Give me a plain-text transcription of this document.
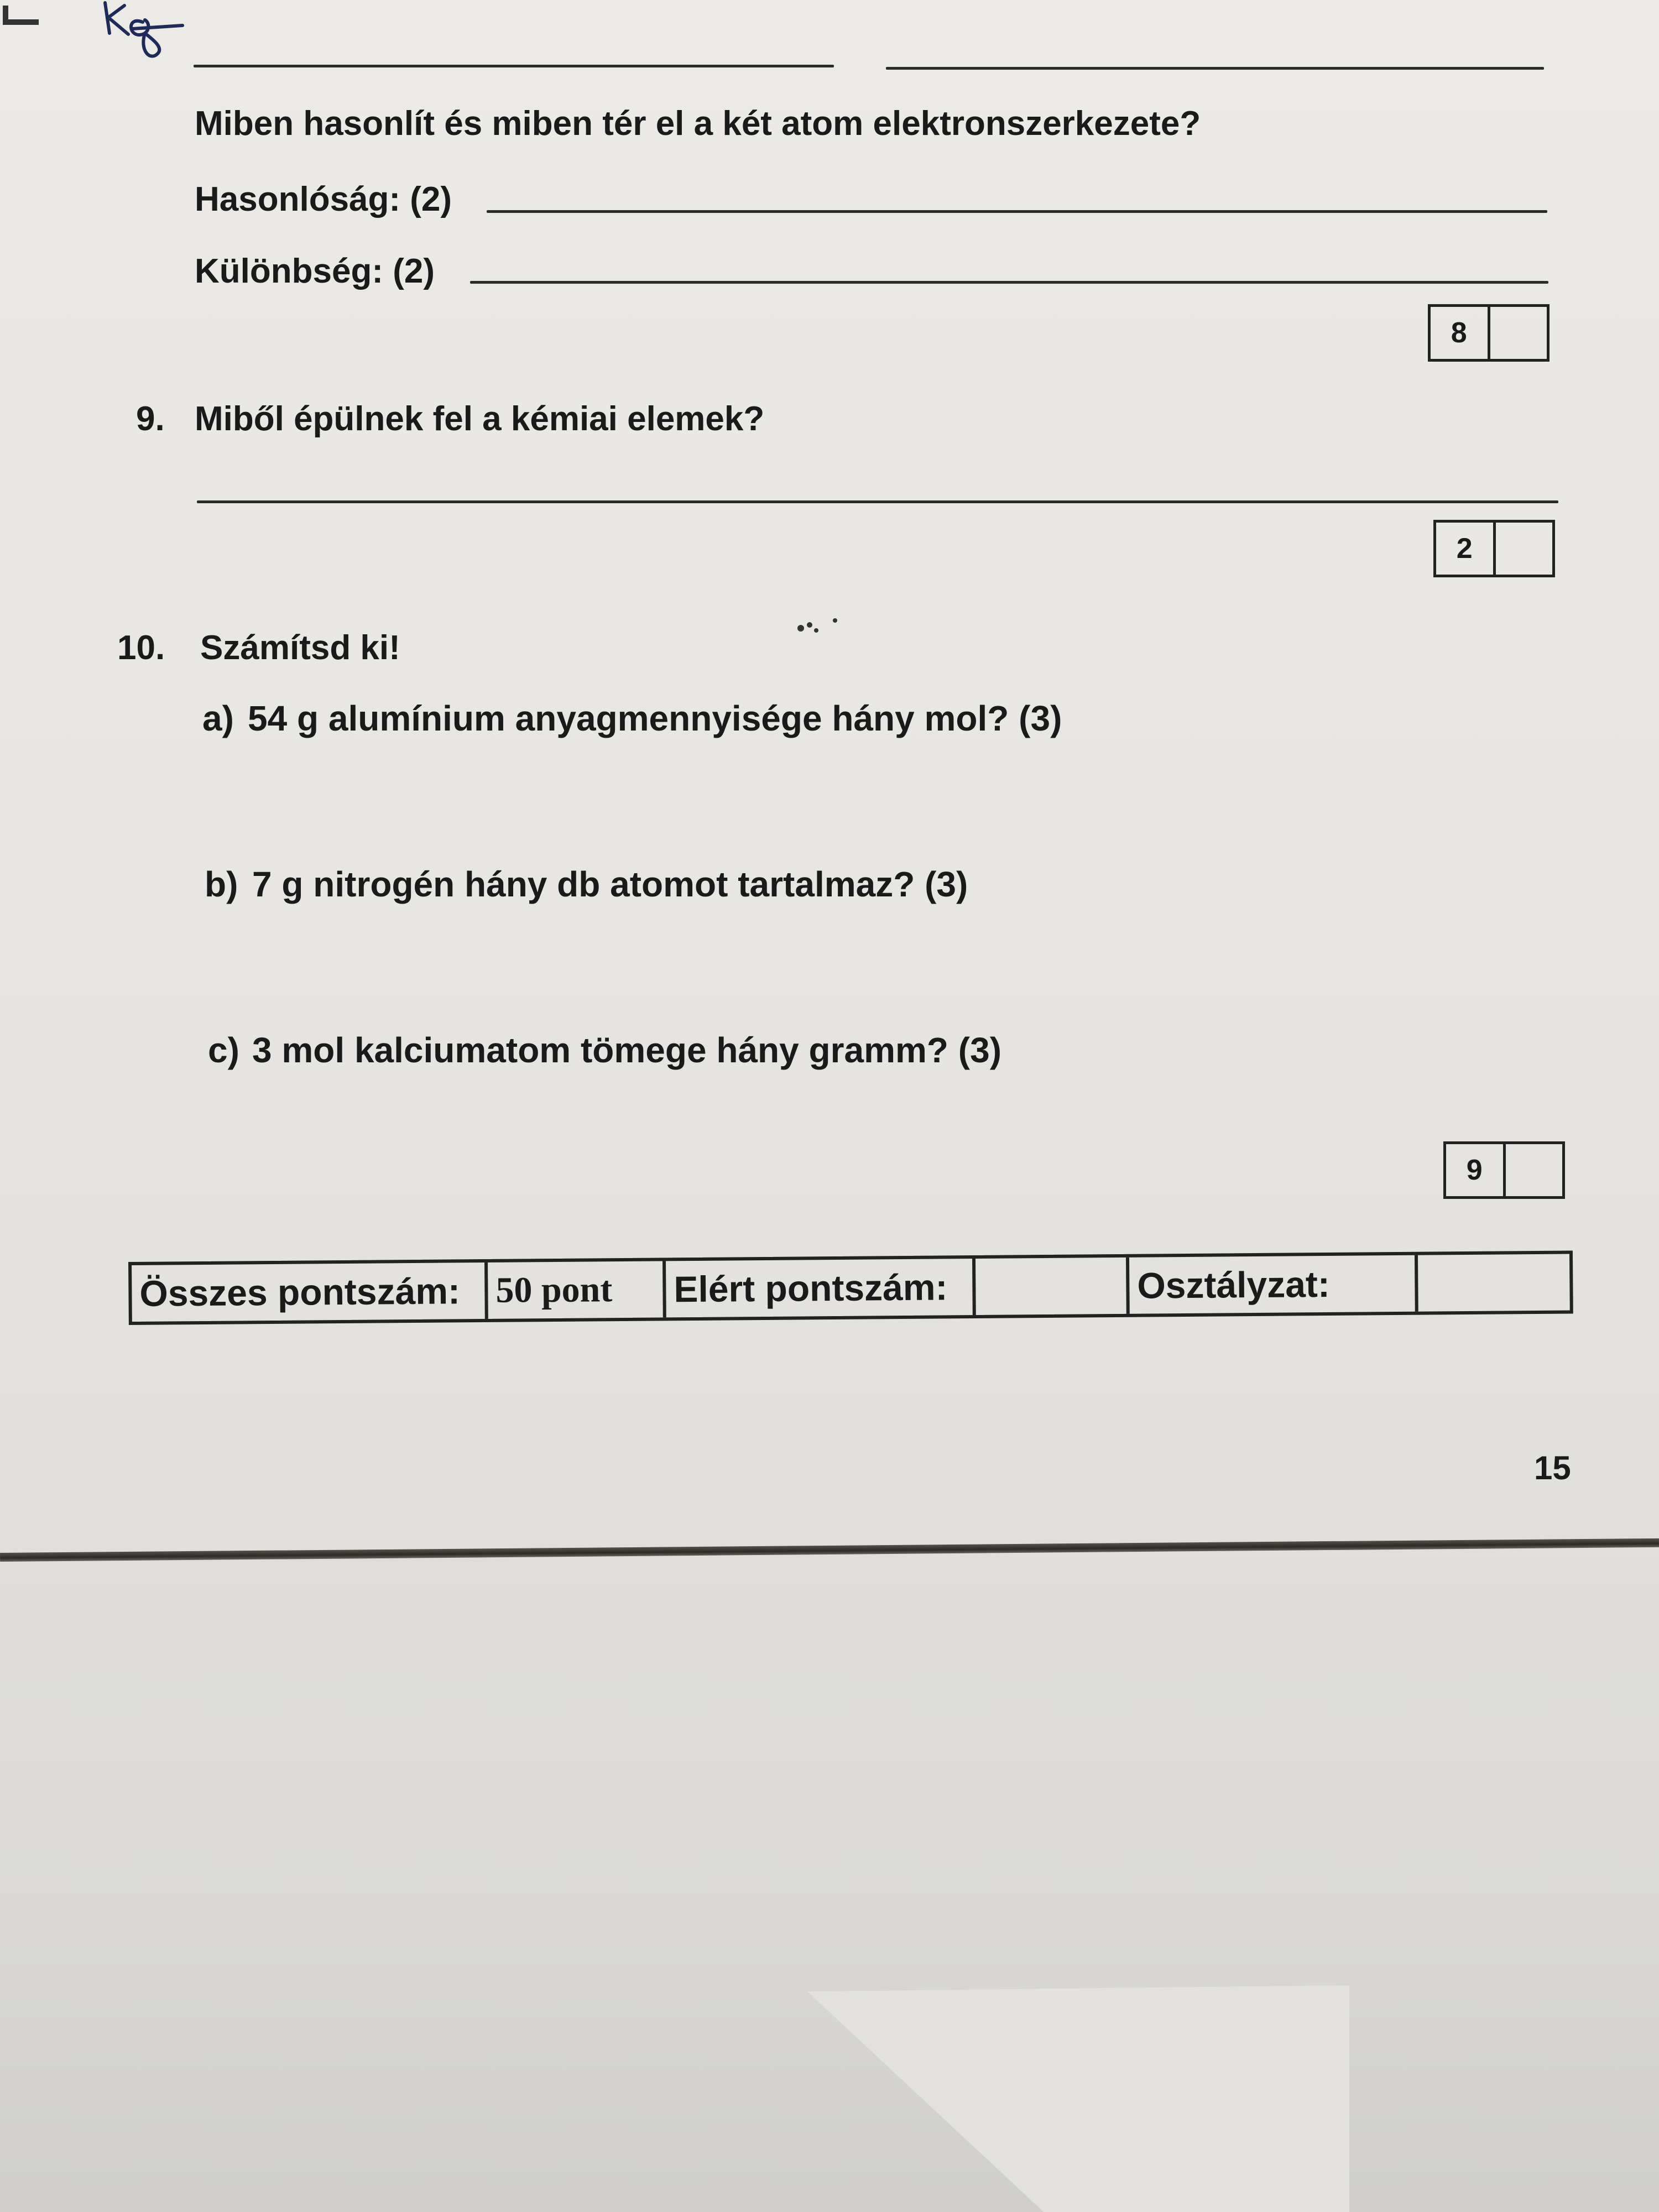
Miben hasonlít és miben tér el a két atom elektronszerkezete?
Hasonlóság: (2)
Különbség: (2)
8
9. Miből épülnek fel a kémiai elemek?
2
10. Számítsd ki!
a) 54 g alumínium anyagmennyisége hány mol? (3)
b) 7 g nitrogén hány db atomot tartalmaz? (3)
c) 3 mol kalciumatom tömege hány gramm? (3)
9
Összes pontszám: 50 pont	Elért pontszám:	Osztályzat:
15
